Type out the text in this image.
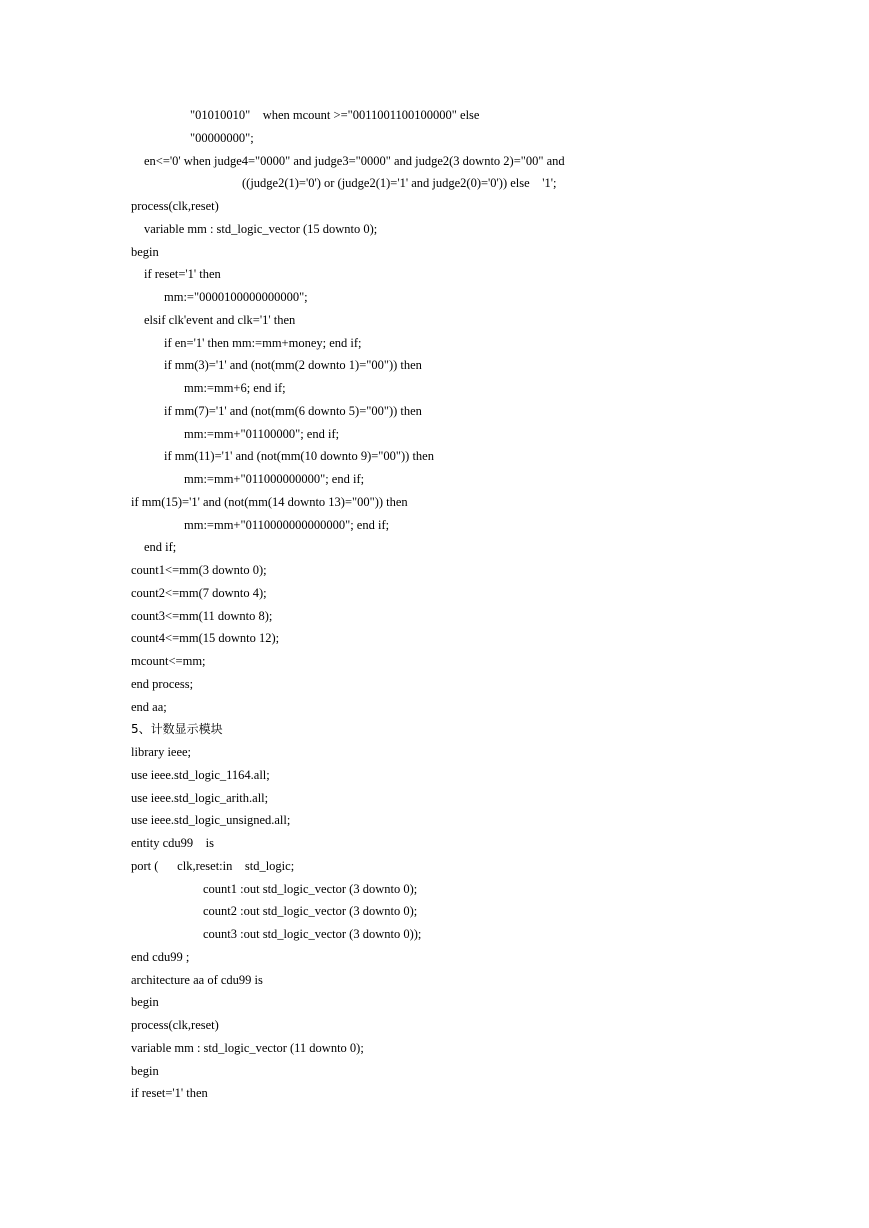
"01010010"    when mcount >="0011001100100000" else
"00000000";
en<='0' when judge4="0000" and judge3="0000" and judge2(3 downto 2)="00" and
((judge2(1)='0') or (judge2(1)='1' and judge2(0)='0')) else    '1';
process(clk,reset)
variable mm : std_logic_vector (15 downto 0);
begin
if reset='1' then
mm:="0000100000000000";
elsif clk'event and clk='1' then
if en='1' then mm:=mm+money; end if;
if mm(3)='1' and (not(mm(2 downto 1)="00")) then
mm:=mm+6; end if;
if mm(7)='1' and (not(mm(6 downto 5)="00")) then
mm:=mm+"01100000"; end if;
if mm(11)='1' and (not(mm(10 downto 9)="00")) then
mm:=mm+"011000000000"; end if;
if mm(15)='1' and (not(mm(14 downto 13)="00")) then
mm:=mm+"0110000000000000"; end if;
end if;
count1<=mm(3 downto 0);
count2<=mm(7 downto 4);
count3<=mm(11 downto 8);
count4<=mm(15 downto 12);
mcount<=mm;
end process;
end aa;
5、计数显示模块
library ieee;
use ieee.std_logic_1164.all;
use ieee.std_logic_arith.all;
use ieee.std_logic_unsigned.all;
entity cdu99    is
port (      clk,reset:in    std_logic;
count1 :out std_logic_vector (3 downto 0);
count2 :out std_logic_vector (3 downto 0);
count3 :out std_logic_vector (3 downto 0));
end cdu99 ;
architecture aa of cdu99 is
begin
process(clk,reset)
variable mm : std_logic_vector (11 downto 0);
begin
if reset='1' then
